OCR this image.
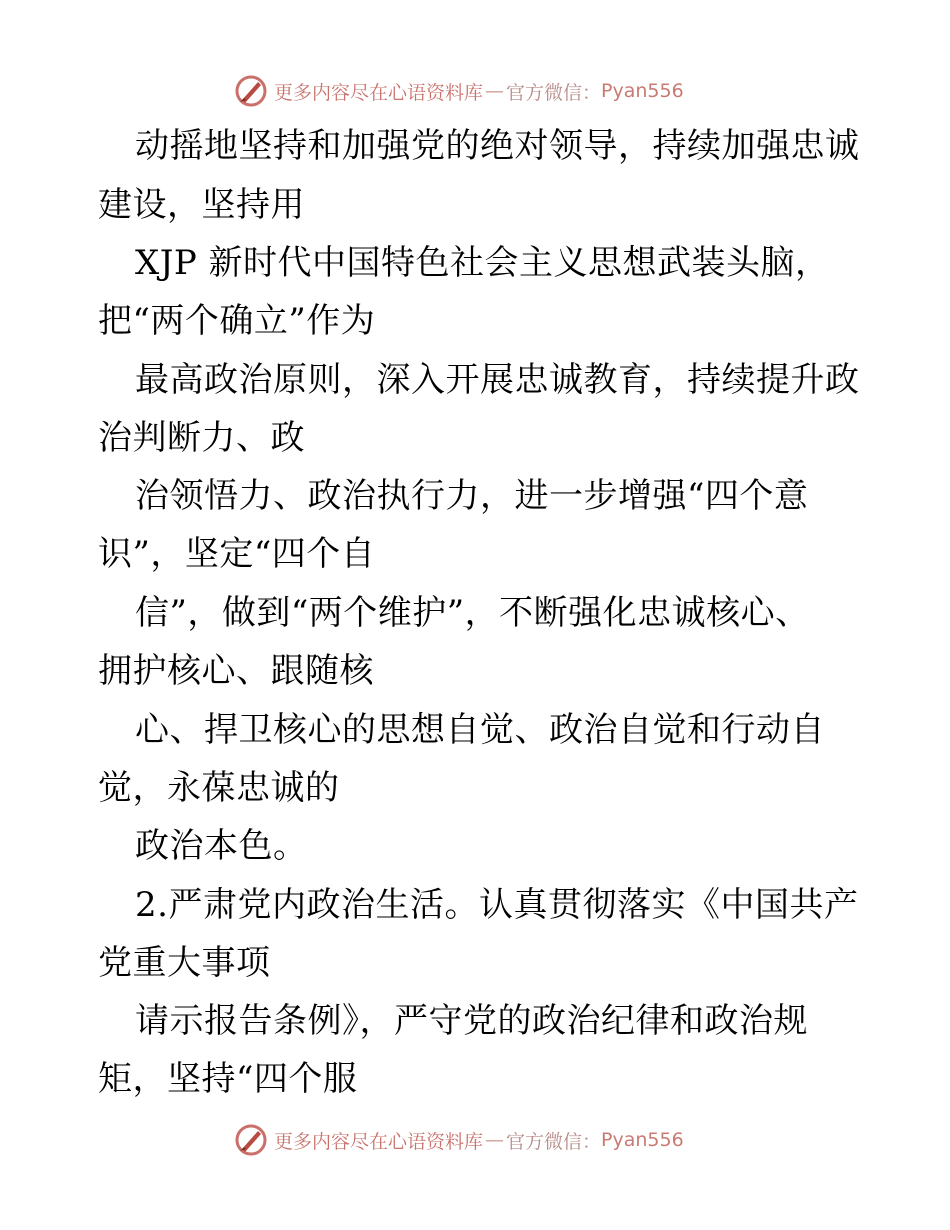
更多内容尽在心语资料库 — 官方微信： Pyan556
动摇地坚持和加强党的绝对领导，持续加强忠诚
建设，坚持用
XJP 新时代中国特色社会主义思想武装头脑，
把“两个确立”作为
最高政治原则，深入开展忠诚教育，持续提升政
治判断力、政
治领悟力、政治执行力，进一步增强“四个意
识”，坚定“四个自
信”，做到“两个维护”，不断强化忠诚核心、
拥护核心、跟随核
心、捍卫核心的思想自觉、政治自觉和行动自
觉，永葆忠诚的
政治本色。
2.严肃党内政治生活。认真贯彻落实《中国共产
党重大事项
请示报告条例》，严守党的政治纪律和政治规
矩，坚持“四个服
更多内容尽在心语资料库 — 官方微信： Pyan556
